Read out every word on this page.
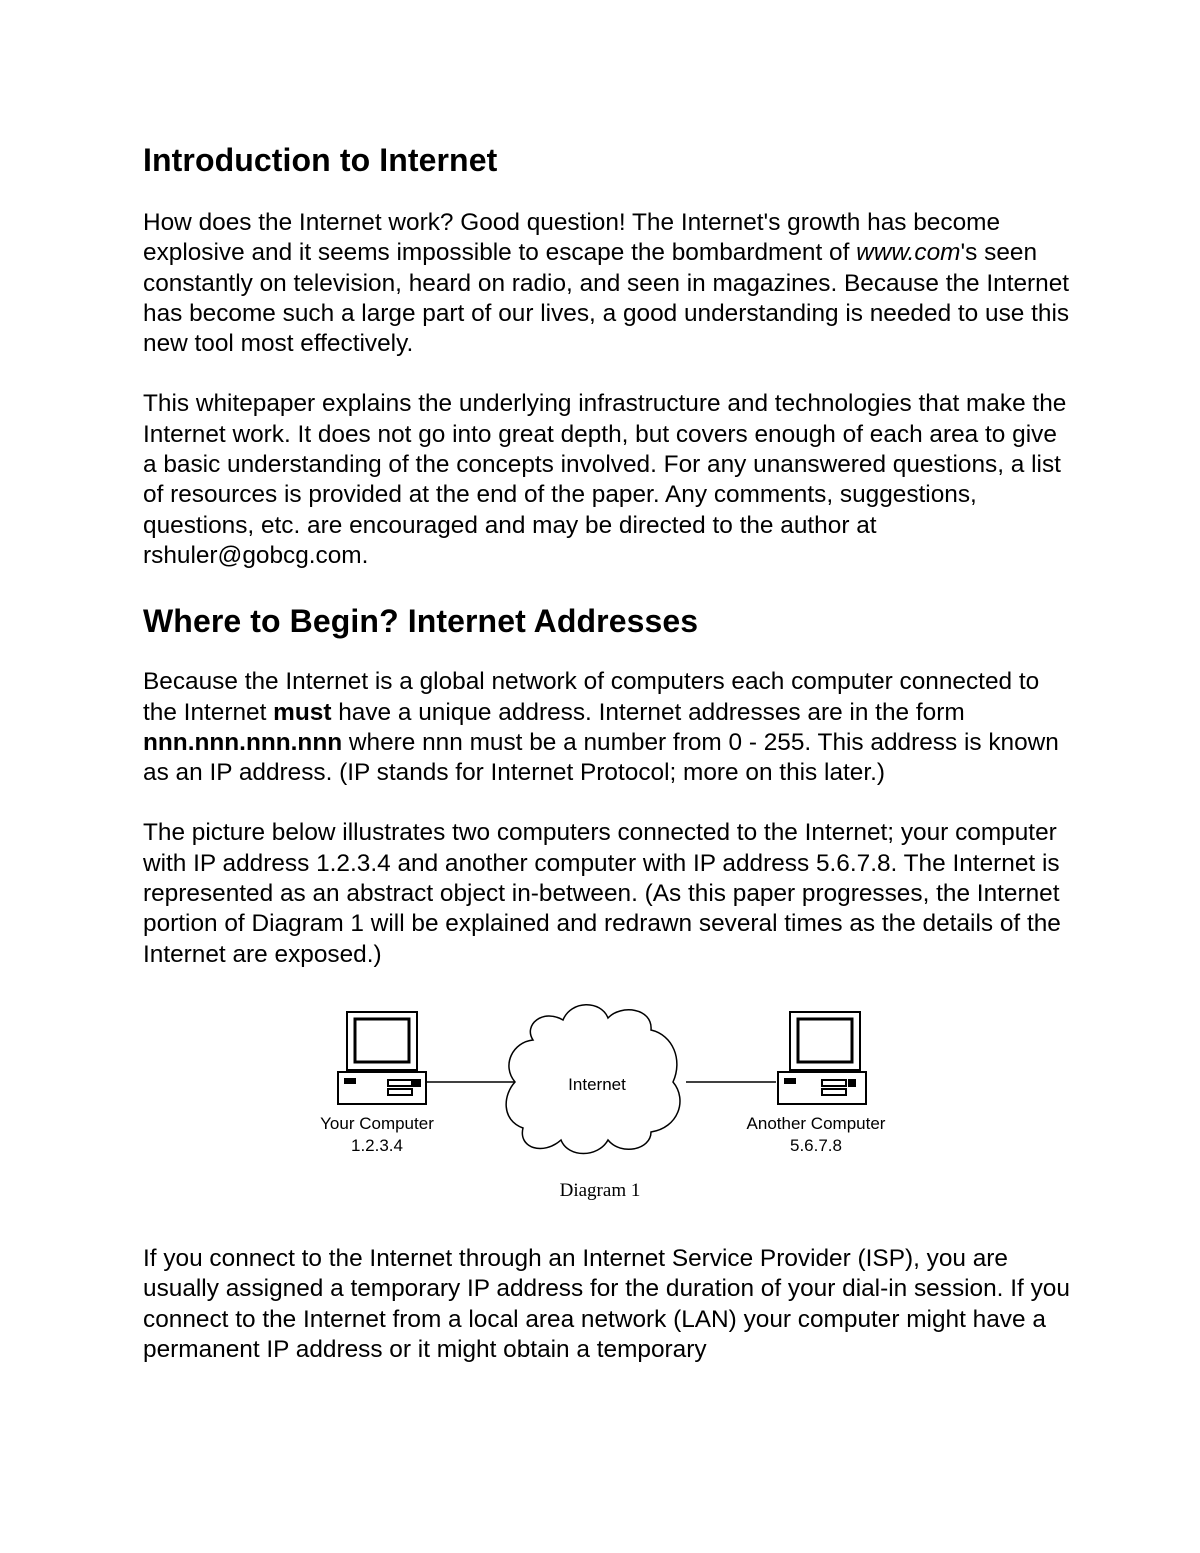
Introduction to Internet

How does the Internet work? Good question! The Internet's growth has become explosive and it seems impossible to escape the bombardment of www.com's seen constantly on television, heard on radio, and seen in magazines. Because the Internet has become such a large part of our lives, a good understanding is needed to use this new tool most effectively.

This whitepaper explains the underlying infrastructure and technologies that make the Internet work. It does not go into great depth, but covers enough of each area to give a basic understanding of the concepts involved. For any unanswered questions, a list of resources is provided at the end of the paper. Any comments, suggestions, questions, etc. are encouraged and may be directed to the author at rshuler@gobcg.com.

Where to Begin? Internet Addresses

Because the Internet is a global network of computers each computer connected to the Internet must have a unique address. Internet addresses are in the form nnn.nnn.nnn.nnn where nnn must be a number from 0 - 255. This address is known as an IP address. (IP stands for Internet Protocol; more on this later.)

The picture below illustrates two computers connected to the Internet; your computer with IP address 1.2.3.4 and another computer with IP address 5.6.7.8. The Internet is represented as an abstract object in-between. (As this paper progresses, the Internet portion of Diagram 1 will be explained and redrawn several times as the details of the Internet are exposed.)

Internet
Your Computer
1.2.3.4
Another Computer
5.6.7.8
Diagram 1

If you connect to the Internet through an Internet Service Provider (ISP), you are usually assigned a temporary IP address for the duration of your dial-in session. If you connect to the Internet from a local area network (LAN) your computer might have a permanent IP address or it might obtain a temporary
